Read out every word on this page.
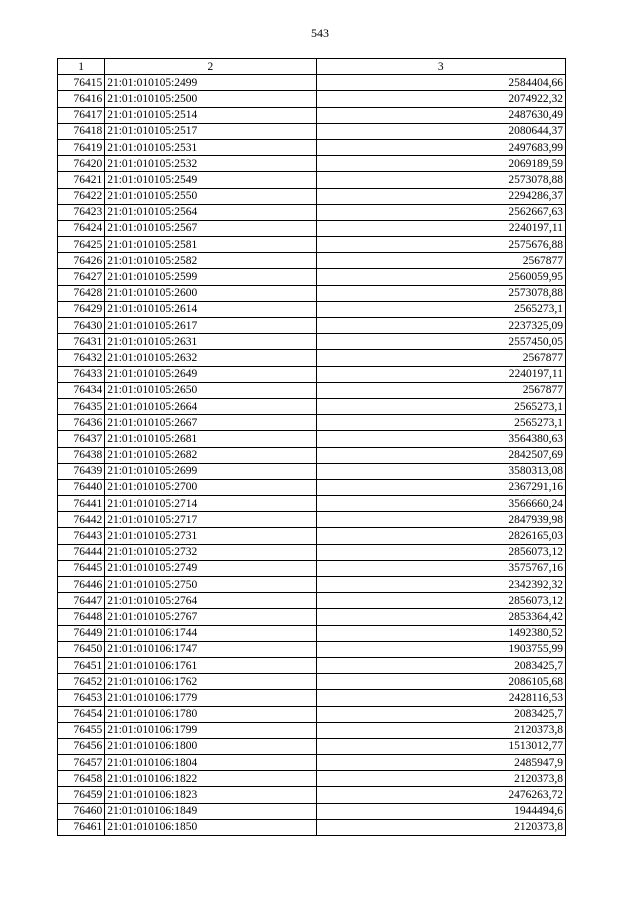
543
1	2	3
76415	21:01:010105:2499	2584404,66
76416	21:01:010105:2500	2074922,32
76417	21:01:010105:2514	2487630,49
76418	21:01:010105:2517	2080644,37
76419	21:01:010105:2531	2497683,99
76420	21:01:010105:2532	2069189,59
76421	21:01:010105:2549	2573078,88
76422	21:01:010105:2550	2294286,37
76423	21:01:010105:2564	2562667,63
76424	21:01:010105:2567	2240197,11
76425	21:01:010105:2581	2575676,88
76426	21:01:010105:2582	2567877
76427	21:01:010105:2599	2560059,95
76428	21:01:010105:2600	2573078,88
76429	21:01:010105:2614	2565273,1
76430	21:01:010105:2617	2237325,09
76431	21:01:010105:2631	2557450,05
76432	21:01:010105:2632	2567877
76433	21:01:010105:2649	2240197,11
76434	21:01:010105:2650	2567877
76435	21:01:010105:2664	2565273,1
76436	21:01:010105:2667	2565273,1
76437	21:01:010105:2681	3564380,63
76438	21:01:010105:2682	2842507,69
76439	21:01:010105:2699	3580313,08
76440	21:01:010105:2700	2367291,16
76441	21:01:010105:2714	3566660,24
76442	21:01:010105:2717	2847939,98
76443	21:01:010105:2731	2826165,03
76444	21:01:010105:2732	2856073,12
76445	21:01:010105:2749	3575767,16
76446	21:01:010105:2750	2342392,32
76447	21:01:010105:2764	2856073,12
76448	21:01:010105:2767	2853364,42
76449	21:01:010106:1744	1492380,52
76450	21:01:010106:1747	1903755,99
76451	21:01:010106:1761	2083425,7
76452	21:01:010106:1762	2086105,68
76453	21:01:010106:1779	2428116,53
76454	21:01:010106:1780	2083425,7
76455	21:01:010106:1799	2120373,8
76456	21:01:010106:1800	1513012,77
76457	21:01:010106:1804	2485947,9
76458	21:01:010106:1822	2120373,8
76459	21:01:010106:1823	2476263,72
76460	21:01:010106:1849	1944494,6
76461	21:01:010106:1850	2120373,8
